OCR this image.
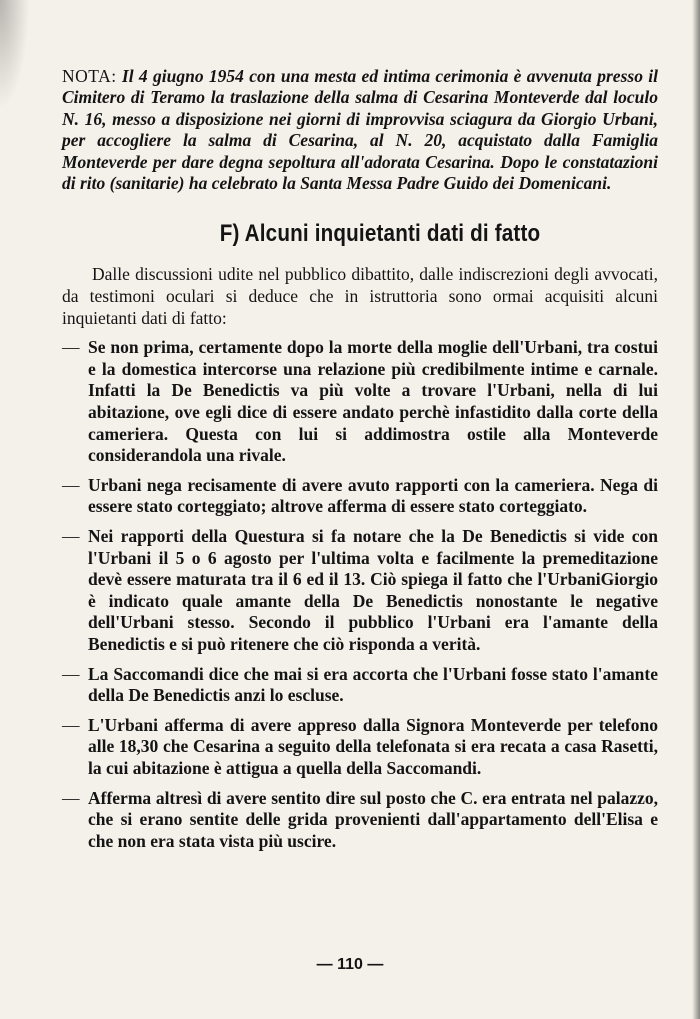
NOTA: Il 4 giugno 1954 con una mesta ed intima cerimonia è avvenuta presso il Cimitero di Teramo la traslazione della salma di Cesarina Monteverde dal loculo N. 16, messo a disposizione nei giorni di improvvisa sciagura da Giorgio Urbani, per accogliere la salma di Cesarina, al N. 20, acquistato dalla Famiglia Monteverde per dare degna sepoltura all'adorata Cesarina. Dopo le constatazioni di rito (sanitarie) ha celebrato la Santa Messa Padre Guido dei Domenicani.

F) Alcuni inquietanti dati di fatto

Dalle discussioni udite nel pubblico dibattito, dalle indiscrezioni degli avvocati, da testimoni oculari si deduce che in istruttoria sono ormai acquisiti alcuni inquietanti dati di fatto:

— Se non prima, certamente dopo la morte della moglie dell'Urbani, tra costui e la domestica intercorse una relazione più credibilmente intime e carnale. Infatti la De Benedictis va più volte a trovare l'Urbani, nella di lui abitazione, ove egli dice di essere andato perchè infastidito dalla corte della cameriera. Questa con lui si addimostra ostile alla Monteverde considerandola una rivale.
— Urbani nega recisamente di avere avuto rapporti con la cameriera. Nega di essere stato corteggiato; altrove afferma di essere stato corteggiato.
— Nei rapporti della Questura si fa notare che la De Benedictis si vide con l'Urbani il 5 o 6 agosto per l'ultima volta e facilmente la premeditazione devè essere maturata tra il 6 ed il 13. Ciò spiega il fatto che l'UrbaniGiorgio è indicato quale amante della De Benedictis nonostante le negative dell'Urbani stesso. Secondo il pubblico l'Urbani era l'amante della Benedictis e si può ritenere che ciò risponda a verità.
— La Saccomandi dice che mai si era accorta che l'Urbani fosse stato l'amante della De Benedictis anzi lo escluse.
— L'Urbani afferma di avere appreso dalla Signora Monteverde per telefono alle 18,30 che Cesarina a seguito della telefonata si era recata a casa Rasetti, la cui abitazione è attigua a quella della Saccomandi.
— Afferma altresì di avere sentito dire sul posto che C. era entrata nel palazzo, che si erano sentite delle grida provenienti dall'appartamento dell'Elisa e che non era stata vista più uscire.
— 110 —
